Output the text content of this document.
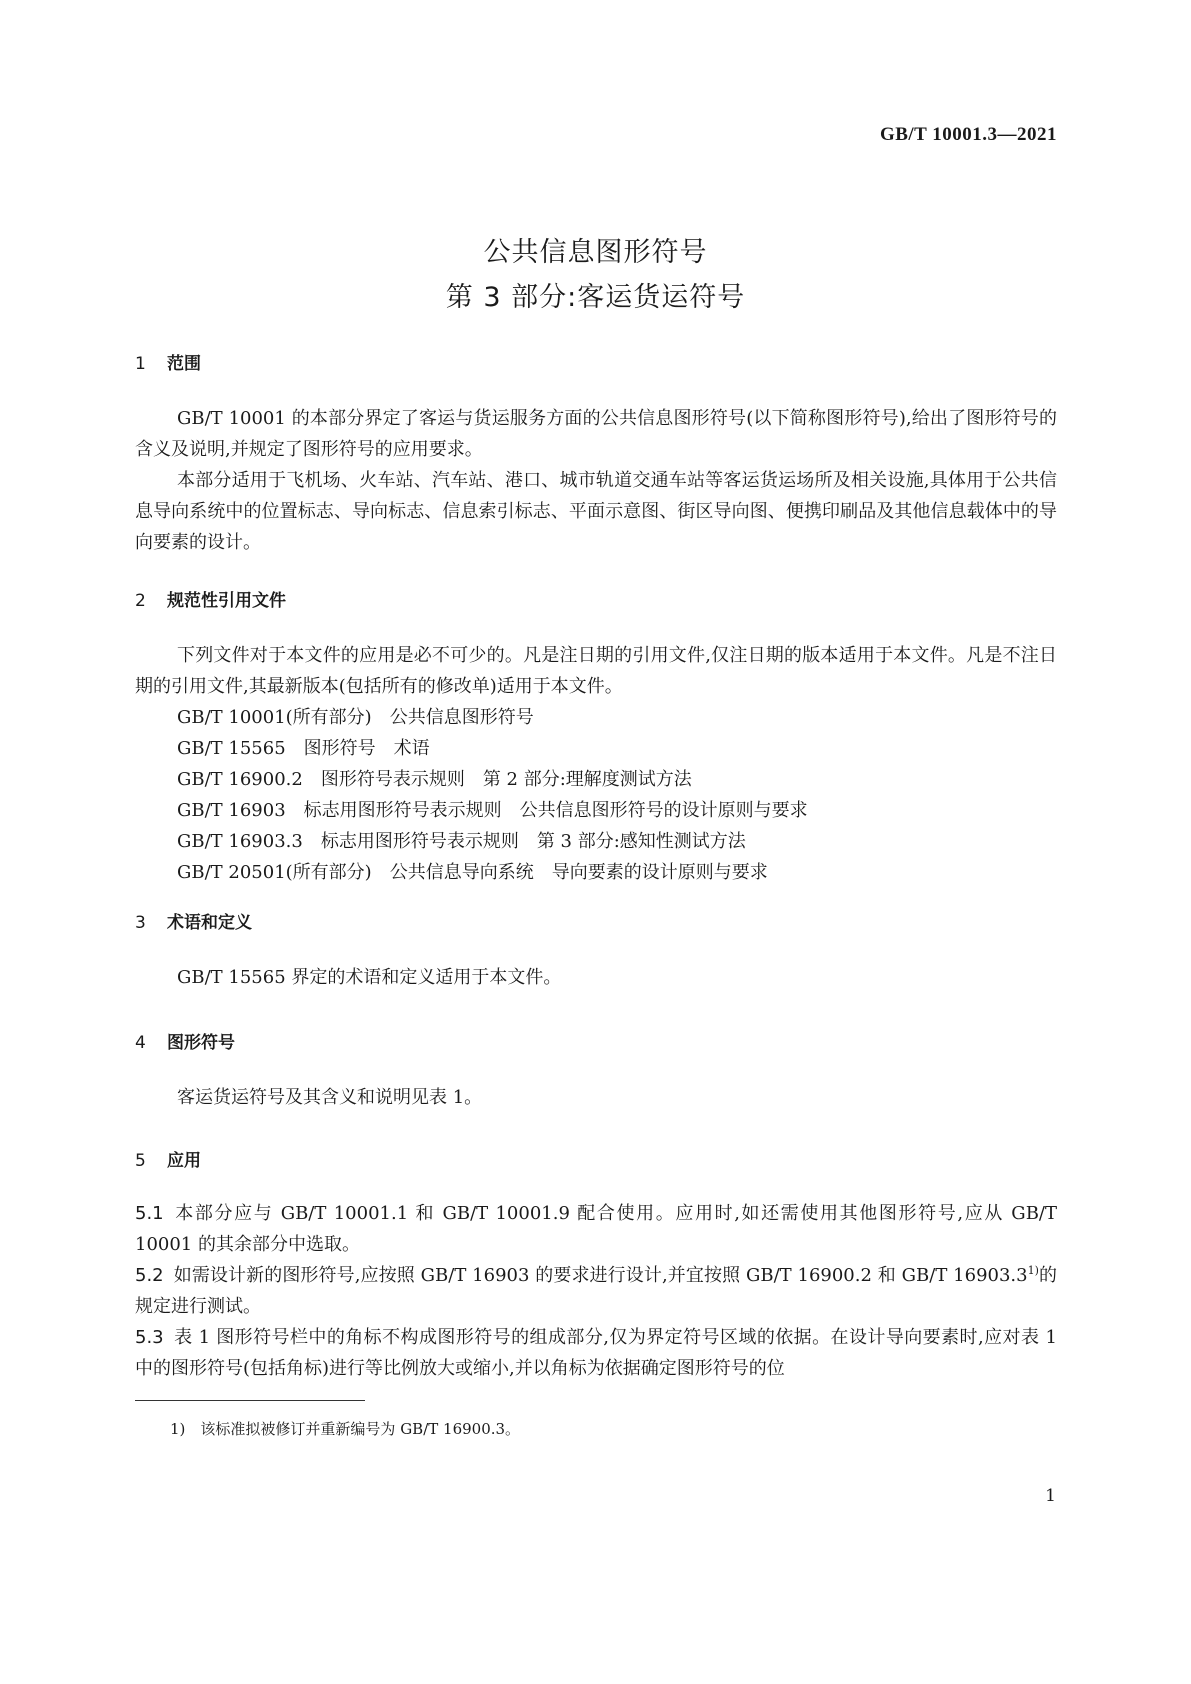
GB/T 10001.3—2021
公共信息图形符号
第 3 部分:客运货运符号
1 范围

GB/T 10001 的本部分界定了客运与货运服务方面的公共信息图形符号(以下简称图形符号),给出了图形符号的含义及说明,并规定了图形符号的应用要求。

本部分适用于飞机场、火车站、汽车站、港口、城市轨道交通车站等客运货运场所及相关设施,具体用于公共信息导向系统中的位置标志、导向标志、信息索引标志、平面示意图、街区导向图、便携印刷品及其他信息载体中的导向要素的设计。

2 规范性引用文件

下列文件对于本文件的应用是必不可少的。凡是注日期的引用文件,仅注日期的版本适用于本文件。凡是不注日期的引用文件,其最新版本(包括所有的修改单)适用于本文件。

GB/T 10001(所有部分)　公共信息图形符号
GB/T 15565　图形符号　术语
GB/T 16900.2　图形符号表示规则　第 2 部分:理解度测试方法
GB/T 16903　标志用图形符号表示规则　公共信息图形符号的设计原则与要求
GB/T 16903.3　标志用图形符号表示规则　第 3 部分:感知性测试方法
GB/T 20501(所有部分)　公共信息导向系统　导向要素的设计原则与要求
3 术语和定义

GB/T 15565 界定的术语和定义适用于本文件。

4 图形符号

客运货运符号及其含义和说明见表 1。

5 应用

5.1 本部分应与 GB/T 10001.1 和 GB/T 10001.9 配合使用。应用时,如还需使用其他图形符号,应从 GB/T 10001 的其余部分中选取。

5.2 如需设计新的图形符号,应按照 GB/T 16903 的要求进行设计,并宜按照 GB/T 16900.2 和 GB/T 16903.3$^{1)}$的规定进行测试。

5.3 表 1 图形符号栏中的角标不构成图形符号的组成部分,仅为界定符号区域的依据。在设计导向要素时,应对表 1 中的图形符号(包括角标)进行等比例放大或缩小,并以角标为依据确定图形符号的位

1)　 该标准拟被修订并重新编号为 GB/T 16900.3。
1
